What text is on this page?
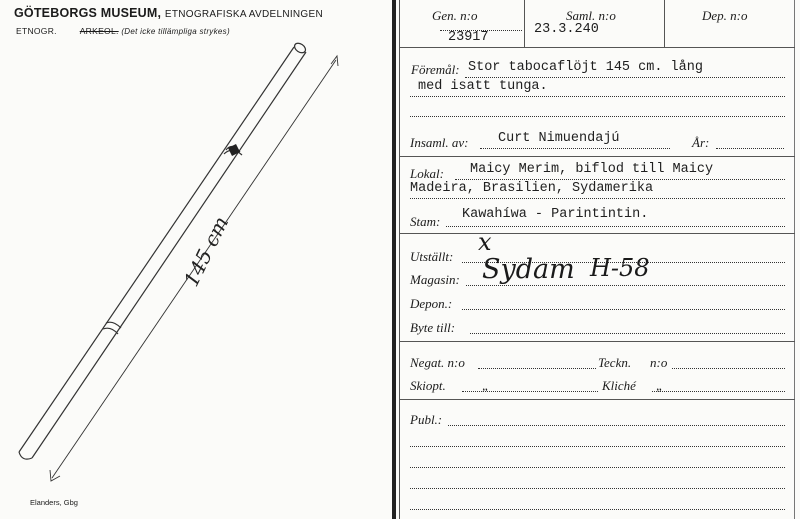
GÖTEBORGS MUSEUM, ETNOGRAFISKA AVDELNINGEN
ETNOGR.	ARKEOL. (Det icke tillämpliga strykes)
145 cm
Elanders, Gbg
Gen. n:o
23917
Saml. n:o
23.3.240
Dep. n:o
Föremål: Stor tabocaflöjt 145 cm. lång
med isatt tunga.
Insaml. av: Curt Nimuendajú	År:
Lokal: Maicy Merim, biflod till Maicy
Madeira, Brasilien, Sydamerika
Stam: Kawahíwa - Parintintin.
Utställt:
x
Magasin: Sydam H-58
Depon.:
Byte till:
Negat. n:o	Teckn. n:o
Skiopt.	„	Kliché „
Publ.:
